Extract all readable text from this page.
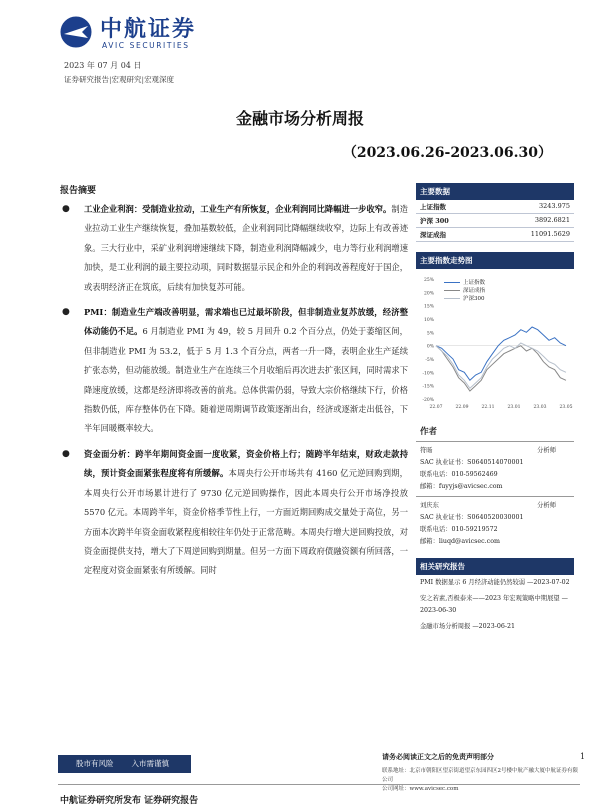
中航证券
AVIC SECURITIES
2023 年 07 月 04 日
证券研究报告|宏观研究|宏观深度
金融市场分析周报
（2023.06.26-2023.06.30）
报告摘要
● 工业企业利润：受制造业拉动，工业生产有所恢复，企业利润同比降幅进一步收窄。制造业拉动工业生产继续恢复，叠加基数较低，企业利润同比降幅继续收窄，边际上有改善迹象。三大行业中，采矿业利润增速继续下降，制造业利润降幅减少，电力等行业利润增速加快，是工业利润的最主要拉动项，同时数据显示民企和外企的利润改善程度好于国企，或表明经济正在筑底，后续有加快复苏可能。
● PMI：制造业生产端改善明显，需求端也已过最坏阶段，但非制造业复苏放缓，经济整体动能仍不足。6 月制造业 PMI 为 49，较 5 月回升 0.2 个百分点，仍处于萎缩区间，但非制造业 PMI 为 53.2，低于 5 月 1.3 个百分点，两者一升一降，表明企业生产延续扩张态势，但动能放缓。制造业生产在连续三个月收缩后再次进去扩张区间，同时需求下降速度放缓，这都是经济即将改善的前兆。总体供需仍弱，导致大宗价格继续下行，价格指数仍低，库存整体仍在下降。随着逆周期调节政策逐渐出台，经济或逐渐走出低谷，下半年回暖概率较大。
● 资金面分析：跨半年期间资金面一度收紧，资金价格上行；随跨半年结束，财政走款持续，预计资金面紧张程度将有所缓解。本周央行公开市场共有 4160 亿元逆回购到期，本周央行公开市场累计进行了 9730 亿元逆回购操作，因此本周央行公开市场净投放 5570 亿元。本周跨半年，资金价格季节性上行，一方面近期回购成交量处于高位，另一方面本次跨半年资金面收紧程度相较往年仍处于正常范畴。本周央行增大逆回购投放，对资金面提供支持，增大了下周逆回购到期量。但另一方面下周政府债融资额有所回落，一定程度对资金面紧张有所缓解。同时
主要数据
上证指数	3243.975
沪深 300	3892.6821
深证成指	11091.5629
主要指数走势图
上证指数
深证成指
沪深300
25%
20%
15%
10%
5%
0%
-5%
-10%
-15%
-20%
22.07	22.09	22.11	23.01	23.03	23.05
作者
符旸	分析师
SAC 执业证书：S0640514070001
联系电话：010-59562469
邮箱：fuyyjs@avicsec.com
刘庆东	分析师
SAC 执业证书：S0640520030001
联系电话：010-59219572
邮箱：liuqd@avicsec.com
相关研究报告
PMI 数据显示 6 月经济动能仍然较弱 —2023-07-02
安之若素,否极泰来——2023 年宏观策略中期展望 —2023-06-30
金融市场分析周报 —2023-06-21
股市有风险 入市需谨慎
请务必阅读正文之后的免责声明部分	1
联系地址：北京市朝阳区望京街道望京东园四区2号楼中航产融大厦中航证券有限公司
公司网址：www.avicsec.com
中航证券研究所发布 证券研究报告
